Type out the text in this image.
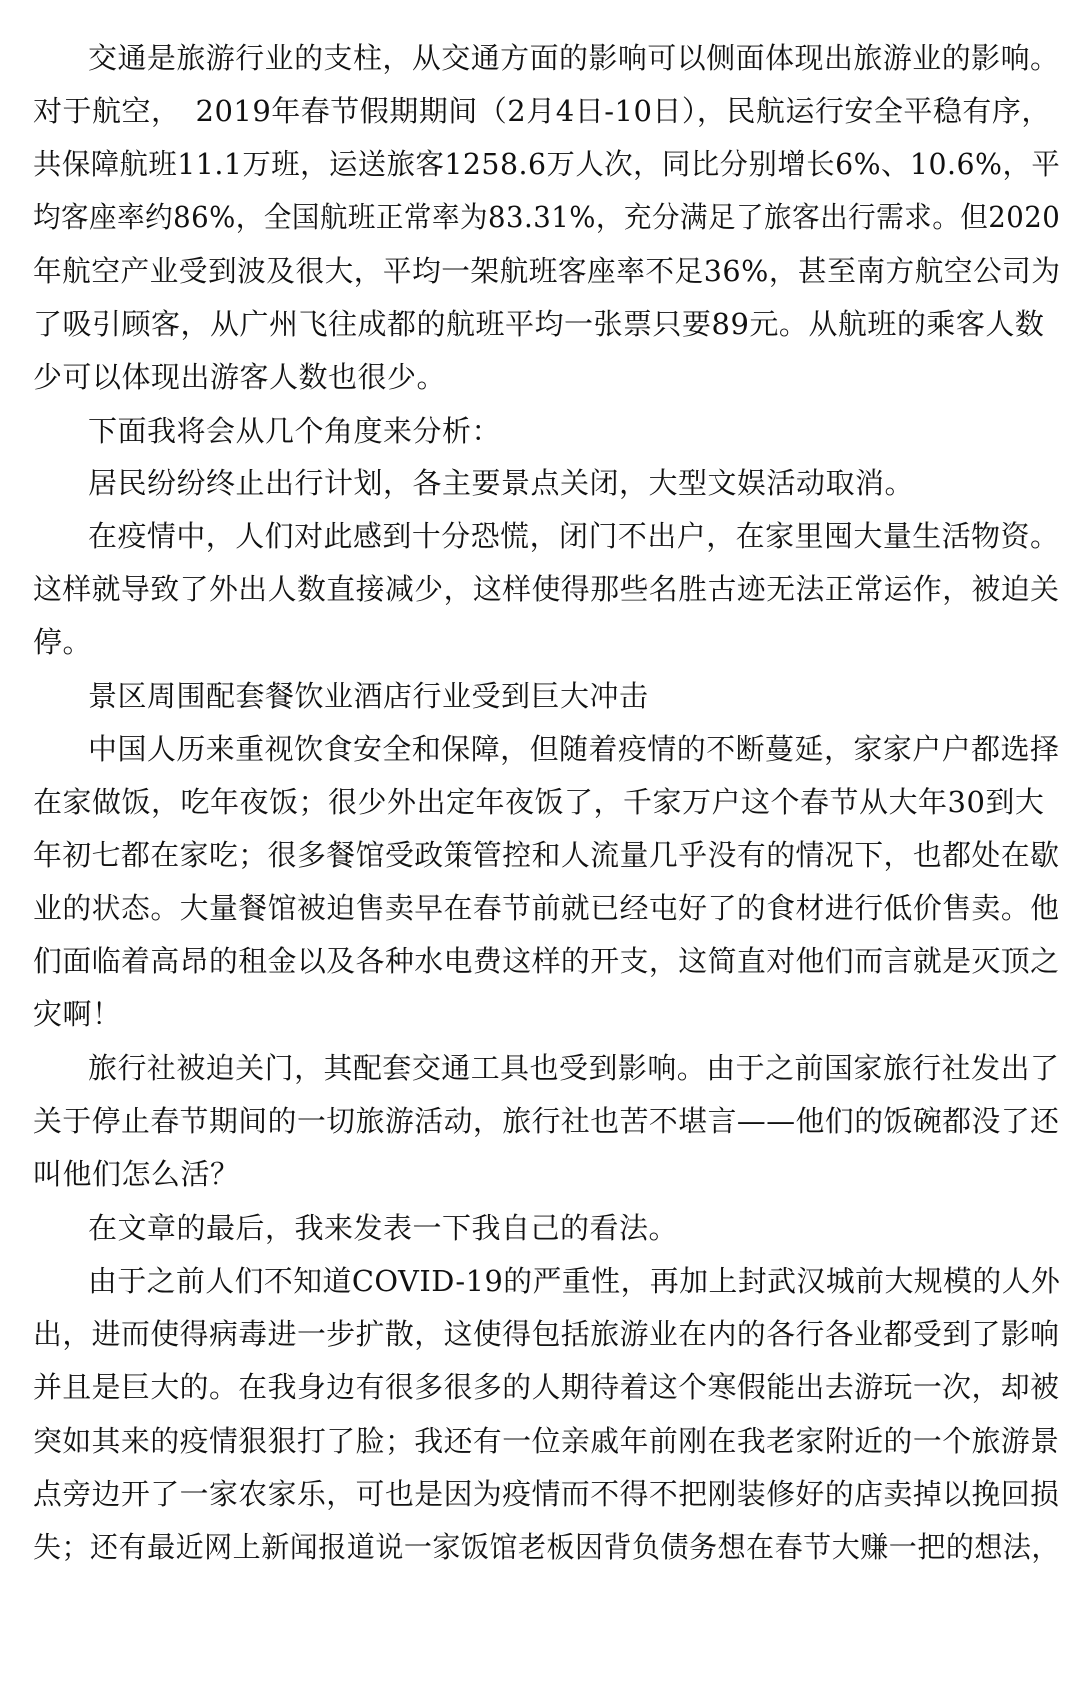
交通是旅游行业的支柱，从交通方面的影响可以侧面体现出旅游业的影响。
对于航空，　2019年春节假期期间（2月4日-10日），民航运行安全平稳有序，
共保障航班11.1万班，运送旅客1258.6万人次，同比分别增长6%、10.6%，平
均客座率约86%，全国航班正常率为83.31%，充分满足了旅客出行需求。但2020
年航空产业受到波及很大，平均一架航班客座率不足36%，甚至南方航空公司为
了吸引顾客，从广州飞往成都的航班平均一张票只要89元。从航班的乘客人数
少可以体现出游客人数也很少。
下面我将会从几个角度来分析：
居民纷纷终止出行计划，各主要景点关闭，大型文娱活动取消。
在疫情中，人们对此感到十分恐慌，闭门不出户，在家里囤大量生活物资。
这样就导致了外出人数直接减少，这样使得那些名胜古迹无法正常运作，被迫关
停。
景区周围配套餐饮业酒店行业受到巨大冲击
中国人历来重视饮食安全和保障，但随着疫情的不断蔓延，家家户户都选择
在家做饭，吃年夜饭；很少外出定年夜饭了，千家万户这个春节从大年30到大
年初七都在家吃；很多餐馆受政策管控和人流量几乎没有的情况下，也都处在歇
业的状态。大量餐馆被迫售卖早在春节前就已经屯好了的食材进行低价售卖。他
们面临着高昂的租金以及各种水电费这样的开支，这简直对他们而言就是灭顶之
灾啊！
旅行社被迫关门，其配套交通工具也受到影响。由于之前国家旅行社发出了
关于停止春节期间的一切旅游活动，旅行社也苦不堪言——他们的饭碗都没了还
叫他们怎么活？
在文章的最后，我来发表一下我自己的看法。
由于之前人们不知道COVID-19的严重性，再加上封武汉城前大规模的人外
出，进而使得病毒进一步扩散，这使得包括旅游业在内的各行各业都受到了影响
并且是巨大的。在我身边有很多很多的人期待着这个寒假能出去游玩一次，却被
突如其来的疫情狠狠打了脸；我还有一位亲戚年前刚在我老家附近的一个旅游景
点旁边开了一家农家乐，可也是因为疫情而不得不把刚装修好的店卖掉以挽回损
失；还有最近网上新闻报道说一家饭馆老板因背负债务想在春节大赚一把的想法，
